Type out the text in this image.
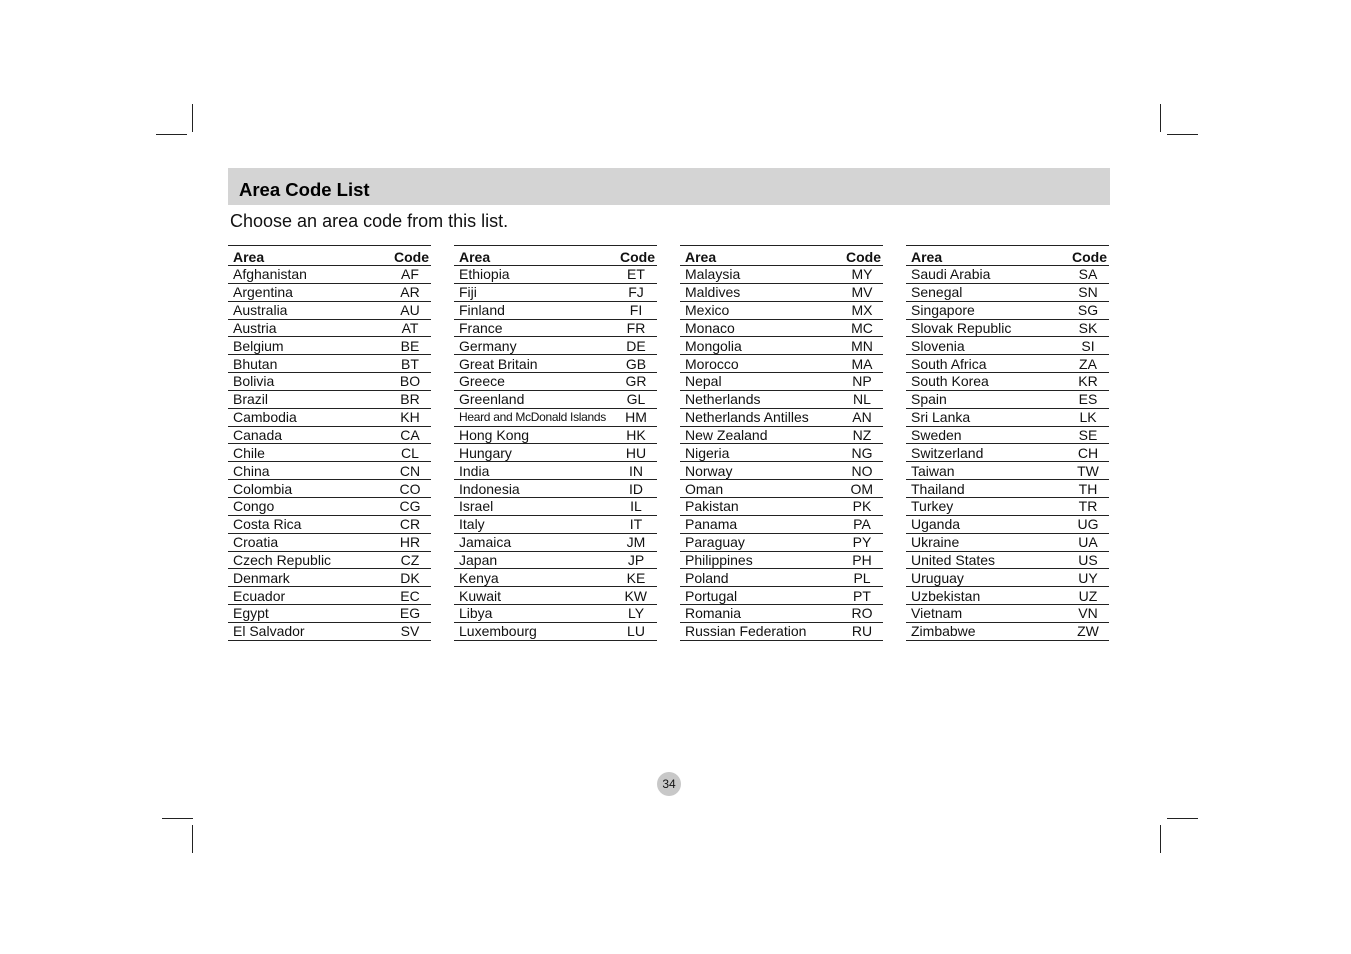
Area Code List
Choose an area code from this list.
Area	Code
Afghanistan	AF
Argentina	AR
Australia	AU
Austria	AT
Belgium	BE
Bhutan	BT
Bolivia	BO
Brazil	BR
Cambodia	KH
Canada	CA
Chile	CL
China	CN
Colombia	CO
Congo	CG
Costa Rica	CR
Croatia	HR
Czech Republic	CZ
Denmark	DK
Ecuador	EC
Egypt	EG
El Salvador	SV
Area	Code
Ethiopia	ET
Fiji	FJ
Finland	FI
France	FR
Germany	DE
Great Britain	GB
Greece	GR
Greenland	GL
Heard and McDonald Islands HM
Hong Kong	HK
Hungary	HU
India	IN
Indonesia	ID
Israel	IL
Italy	IT
Jamaica	JM
Japan	JP
Kenya	KE
Kuwait	KW
Libya	LY
Luxembourg	LU
Area	Code
Malaysia	MY
Maldives	MV
Mexico	MX
Monaco	MC
Mongolia	MN
Morocco	MA
Nepal	NP
Netherlands	NL
Netherlands Antilles	AN
New Zealand	NZ
Nigeria	NG
Norway	NO
Oman	OM
Pakistan	PK
Panama	PA
Paraguay	PY
Philippines	PH
Poland	PL
Portugal	PT
Romania	RO
Russian Federation	RU
Area	Code
Saudi Arabia	SA
Senegal	SN
Singapore	SG
Slovak Republic	SK
Slovenia	SI
South Africa	ZA
South Korea	KR
Spain	ES
Sri Lanka	LK
Sweden	SE
Switzerland	CH
Taiwan	TW
Thailand	TH
Turkey	TR
Uganda	UG
Ukraine	UA
United States	US
Uruguay	UY
Uzbekistan	UZ
Vietnam	VN
Zimbabwe	ZW
34
